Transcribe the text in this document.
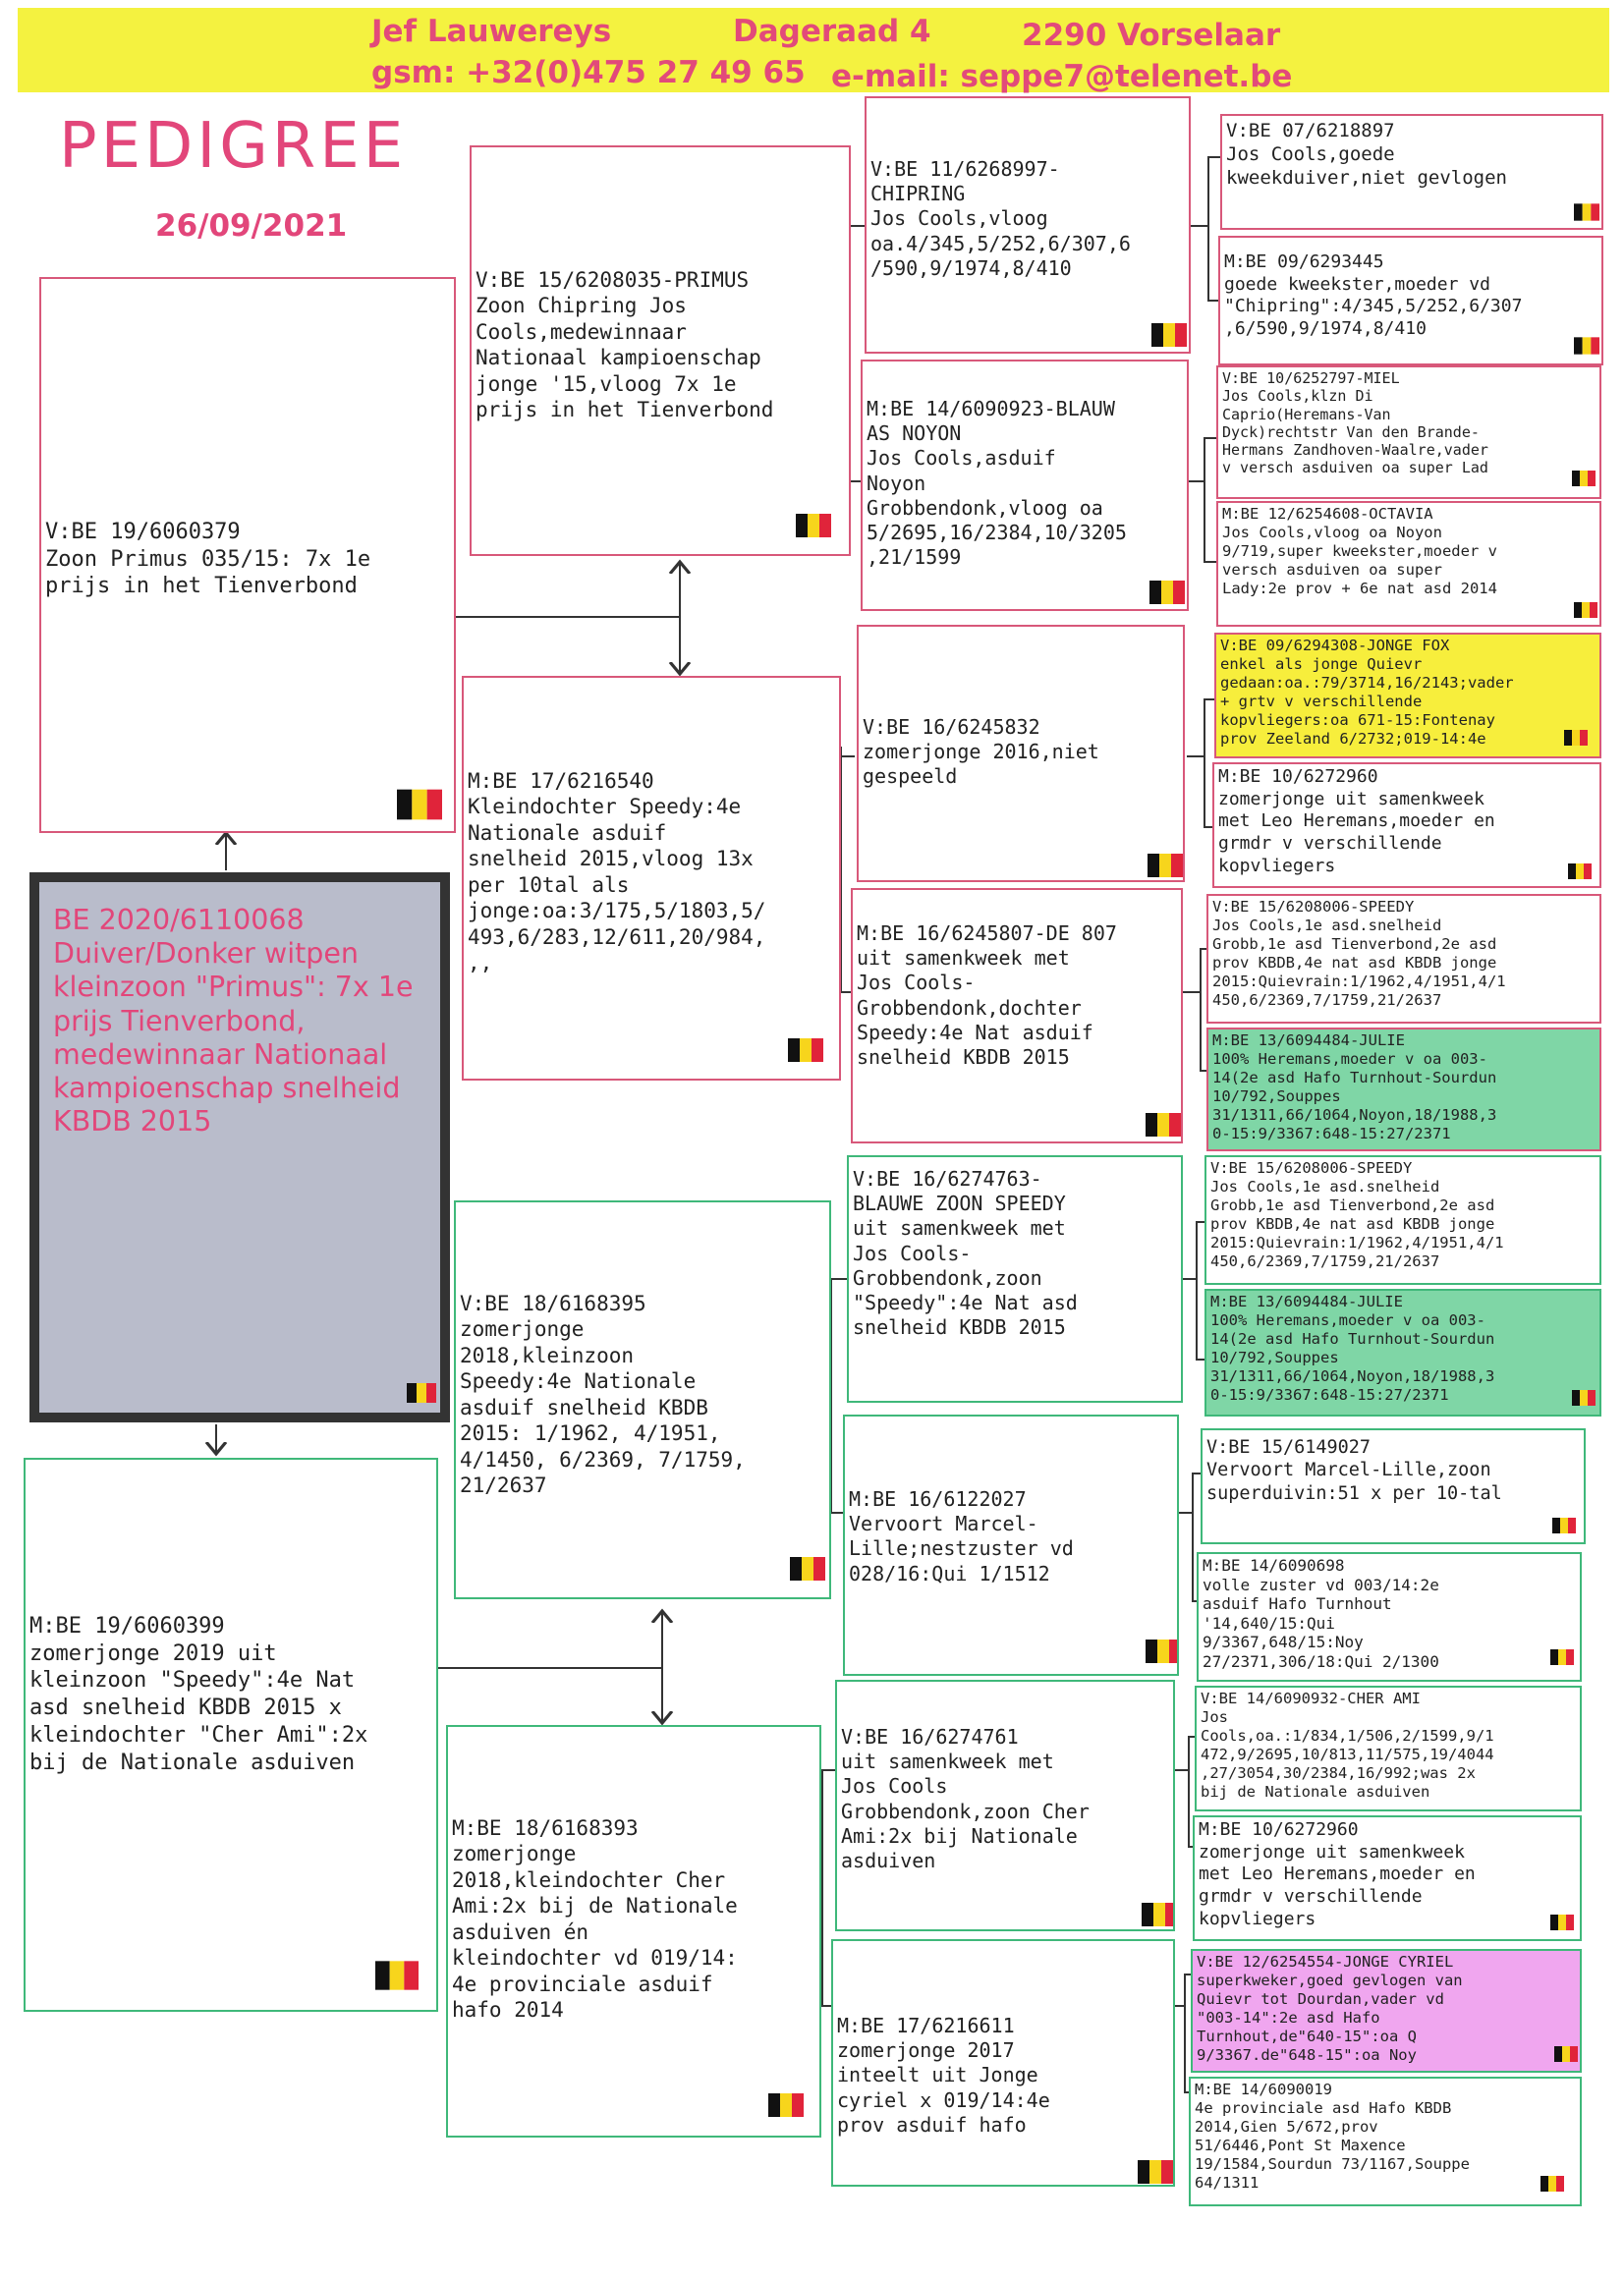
Jef Lauwereys	Dageraad 4	2290 Vorselaar
gsm: +32(0)475 27 49 65 e-mail: seppe7@telenet.be
PEDIGREE
26/09/2021
V:BE 19/6060379
Zoon Primus 035/15: 7x 1e
prijs in het Tienverbond
BE 2020/6110068
Duiver/Donker witpen
kleinzoon "Primus": 7x 1e
prijs Tienverbond,
medewinnaar Nationaal
kampioenschap snelheid
KBDB 2015
M:BE 19/6060399
zomerjonge 2019 uit
kleinzoon "Speedy":4e Nat
asd snelheid KBDB 2015 x
kleindochter "Cher Ami":2x
bij de Nationale asduiven
V:BE 15/6208035-PRIMUS
Zoon Chipring Jos
Cools,medewinnaar
Nationaal kampioenschap
jonge '15,vloog 7x 1e
prijs in het Tienverbond
M:BE 17/6216540
Kleindochter Speedy:4e
Nationale asduif
snelheid 2015,vloog 13x
per 10tal als
jonge:oa:3/175,5/1803,5/
493,6/283,12/611,20/984,
,,
V:BE 18/6168395
zomerjonge
2018,kleinzoon
Speedy:4e Nationale
asduif snelheid KBDB
2015: 1/1962, 4/1951,
4/1450, 6/2369, 7/1759,
21/2637
M:BE 18/6168393
zomerjonge
2018,kleindochter Cher
Ami:2x bij de Nationale
asduiven én
kleindochter vd 019/14:
4e provinciale asduif
hafo 2014
V:BE 11/6268997-
CHIPRING
Jos Cools,vloog
oa.4/345,5/252,6/307,6
/590,9/1974,8/410
M:BE 14/6090923-BLAUW
AS NOYON
Jos Cools,asduif
Noyon
Grobbendonk,vloog oa
5/2695,16/2384,10/3205
,21/1599
V:BE 16/6245832
zomerjonge 2016,niet
gespeeld
M:BE 16/6245807-DE 807
uit samenkweek met
Jos Cools-
Grobbendonk,dochter
Speedy:4e Nat asduif
snelheid KBDB 2015
V:BE 16/6274763-
BLAUWE ZOON SPEEDY
uit samenkweek met
Jos Cools-
Grobbendonk,zoon
"Speedy":4e Nat asd
snelheid KBDB 2015
M:BE 16/6122027
Vervoort Marcel-
Lille;nestzuster vd
028/16:Qui 1/1512
V:BE 16/6274761
uit samenkweek met
Jos Cools
Grobbendonk,zoon Cher
Ami:2x bij Nationale
asduiven
M:BE 17/6216611
zomerjonge 2017
inteelt uit Jonge
cyriel x 019/14:4e
prov asduif hafo
V:BE 07/6218897
Jos Cools,goede
kweekduiver,niet gevlogen
M:BE 09/6293445
goede kweekster,moeder vd
"Chipring":4/345,5/252,6/307
,6/590,9/1974,8/410
V:BE 10/6252797-MIEL
Jos Cools,klzn Di
Caprio(Heremans-Van
Dyck)rechtstr Van den Brande-
Hermans Zandhoven-Waalre,vader
v versch asduiven oa super Lad
M:BE 12/6254608-OCTAVIA
Jos Cools,vloog oa Noyon
9/719,super kweekster,moeder v
versch asduiven oa super
Lady:2e prov + 6e nat asd 2014
V:BE 09/6294308-JONGE FOX
enkel als jonge Quievr
gedaan:oa.:79/3714,16/2143;vader
+ grtv v verschillende
kopvliegers:oa 671-15:Fontenay
prov Zeeland 6/2732;019-14:4e
M:BE 10/6272960
zomerjonge uit samenkweek
met Leo Heremans,moeder en
grmdr v verschillende
kopvliegers
V:BE 15/6208006-SPEEDY
Jos Cools,1e asd.snelheid
Grobb,1e asd Tienverbond,2e asd
prov KBDB,4e nat asd KBDB jonge
2015:Quievrain:1/1962,4/1951,4/1
450,6/2369,7/1759,21/2637
M:BE 13/6094484-JULIE
100% Heremans,moeder v oa 003-
14(2e asd Hafo Turnhout-Sourdun
10/792,Souppes
31/1311,66/1064,Noyon,18/1988,3
0-15:9/3367:648-15:27/2371
V:BE 15/6208006-SPEEDY
Jos Cools,1e asd.snelheid
Grobb,1e asd Tienverbond,2e asd
prov KBDB,4e nat asd KBDB jonge
2015:Quievrain:1/1962,4/1951,4/1
450,6/2369,7/1759,21/2637
M:BE 13/6094484-JULIE
100% Heremans,moeder v oa 003-
14(2e asd Hafo Turnhout-Sourdun
10/792,Souppes
31/1311,66/1064,Noyon,18/1988,3
0-15:9/3367:648-15:27/2371
V:BE 15/6149027
Vervoort Marcel-Lille,zoon
superduivin:51 x per 10-tal
M:BE 14/6090698
volle zuster vd 003/14:2e
asduif Hafo Turnhout
'14,640/15:Qui
9/3367,648/15:Noy
27/2371,306/18:Qui 2/1300
V:BE 14/6090932-CHER AMI
Jos
Cools,oa.:1/834,1/506,2/1599,9/1
472,9/2695,10/813,11/575,19/4044
,27/3054,30/2384,16/992;was 2x
bij de Nationale asduiven
M:BE 10/6272960
zomerjonge uit samenkweek
met Leo Heremans,moeder en
grmdr v verschillende
kopvliegers
V:BE 12/6254554-JONGE CYRIEL
superkweker,goed gevlogen van
Quievr tot Dourdan,vader vd
"003-14":2e asd Hafo
Turnhout,de"640-15":oa Q
9/3367.de"648-15":oa Noy
M:BE 14/6090019
4e provinciale asd Hafo KBDB
2014,Gien 5/672,prov
51/6446,Pont St Maxence
19/1584,Sourdun 73/1167,Souppe
64/1311
